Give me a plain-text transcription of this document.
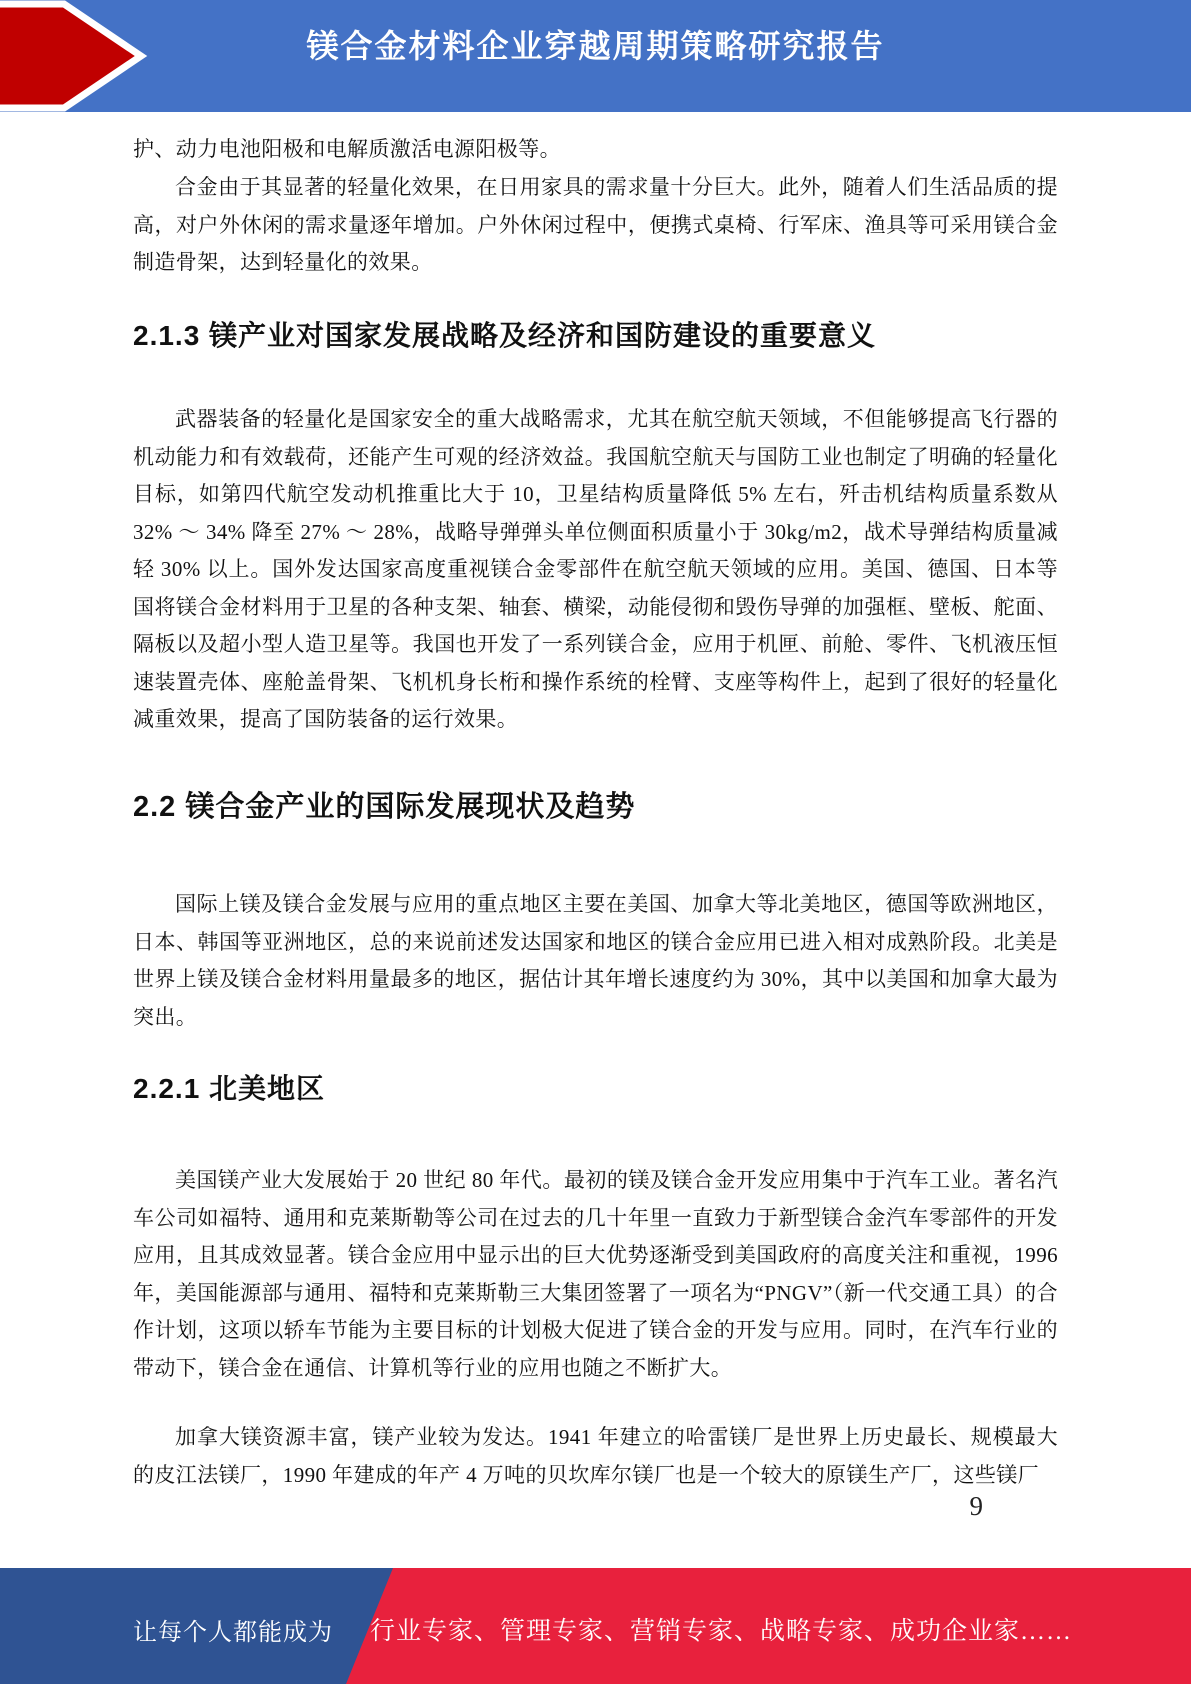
镁合金材料企业穿越周期策略研究报告
护、动力电池阳极和电解质激活电源阳极等。
合金由于其显著的轻量化效果，在日用家具的需求量十分巨大。此外，随着人们生活品质的提高，对户外休闲的需求量逐年增加。户外休闲过程中，便携式桌椅、行军床、渔具等可采用镁合金制造骨架，达到轻量化的效果。
2.1.3 镁产业对国家发展战略及经济和国防建设的重要意义
武器装备的轻量化是国家安全的重大战略需求，尤其在航空航天领域，不但能够提高飞行器的机动能力和有效载荷，还能产生可观的经济效益。我国航空航天与国防工业也制定了明确的轻量化目标，如第四代航空发动机推重比大于 10，卫星结构质量降低 5% 左右，歼击机结构质量系数从 32% ～ 34% 降至 27% ～ 28%，战略导弹弹头单位侧面积质量小于 30kg/m2，战术导弹结构质量减轻 30% 以上。国外发达国家高度重视镁合金零部件在航空航天领域的应用。美国、德国、日本等国将镁合金材料用于卫星的各种支架、轴套、横梁，动能侵彻和毁伤导弹的加强框、壁板、舵面、隔板以及超小型人造卫星等。我国也开发了一系列镁合金，应用于机匣、前舱、零件、飞机液压恒速装置壳体、座舱盖骨架、飞机机身长桁和操作系统的栓臂、支座等构件上，起到了很好的轻量化减重效果，提高了国防装备的运行效果。
2.2 镁合金产业的国际发展现状及趋势
国际上镁及镁合金发展与应用的重点地区主要在美国、加拿大等北美地区，德国等欧洲地区，日本、韩国等亚洲地区，总的来说前述发达国家和地区的镁合金应用已进入相对成熟阶段。北美是世界上镁及镁合金材料用量最多的地区，据估计其年增长速度约为 30%，其中以美国和加拿大最为突出。
2.2.1 北美地区
美国镁产业大发展始于 20 世纪 80 年代。最初的镁及镁合金开发应用集中于汽车工业。著名汽车公司如福特、通用和克莱斯勒等公司在过去的几十年里一直致力于新型镁合金汽车零部件的开发应用，且其成效显著。镁合金应用中显示出的巨大优势逐渐受到美国政府的高度关注和重视，1996 年，美国能源部与通用、福特和克莱斯勒三大集团签署了一项名为“PNGV”（新一代交通工具）的合作计划，这项以轿车节能为主要目标的计划极大促进了镁合金的开发与应用。同时，在汽车行业的带动下，镁合金在通信、计算机等行业的应用也随之不断扩大。
加拿大镁资源丰富，镁产业较为发达。1941 年建立的哈雷镁厂是世界上历史最长、规模最大的皮江法镁厂，1990 年建成的年产 4 万吨的贝坎库尔镁厂也是一个较大的原镁生产厂，这些镁厂
9
让每个人都能成为 行业专家、管理专家、营销专家、战略专家、成功企业家……
